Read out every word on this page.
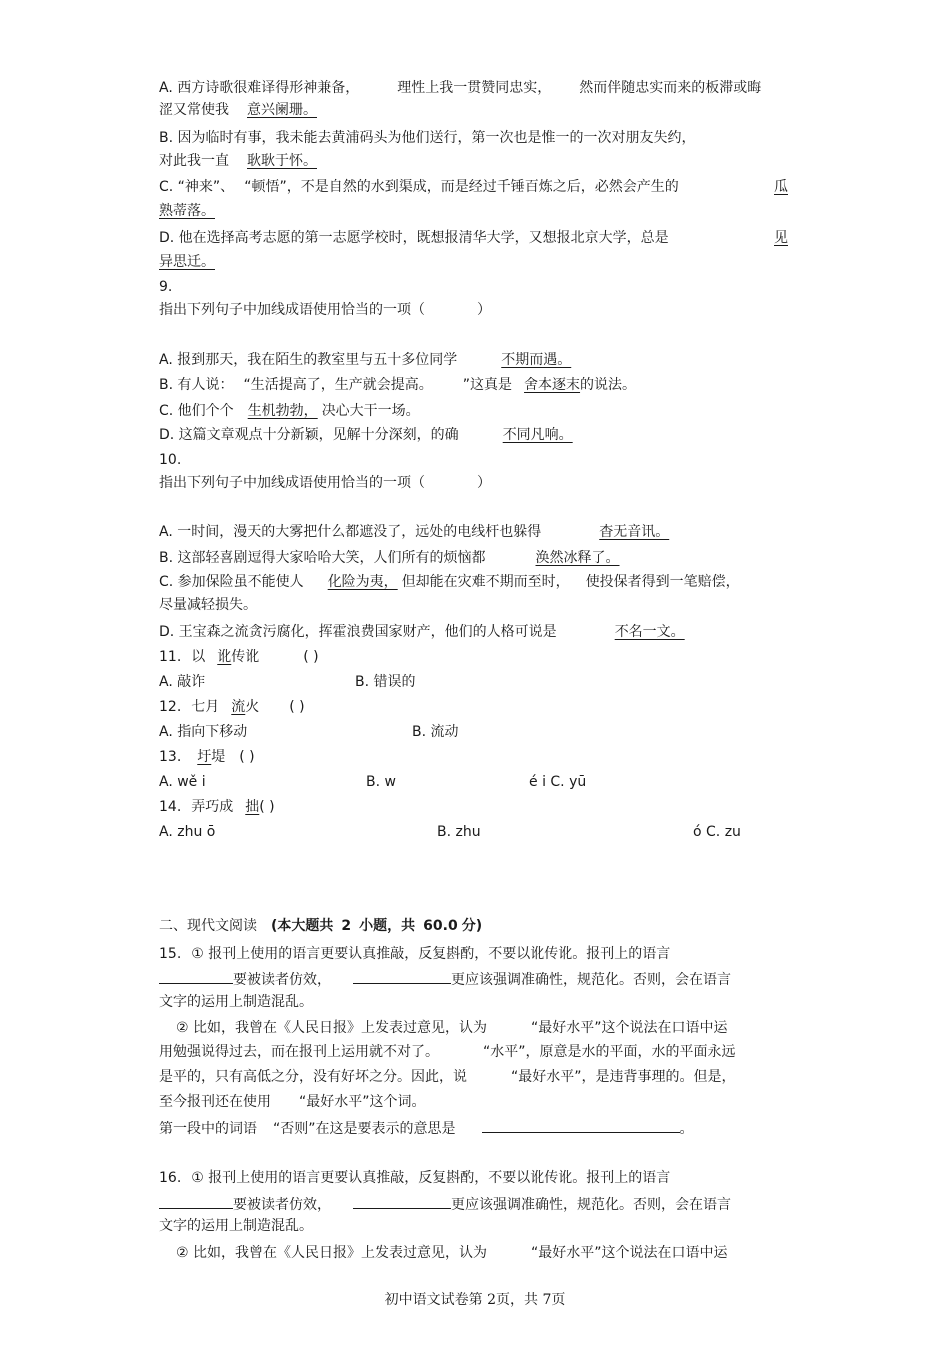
A. 西方诗歌很难译得形神兼备，	理性上我一贯赞同忠实， 然而伴随忠实而来的板滞或晦
涩又常使我 意兴阑珊。
B. 因为临时有事，我未能去黄浦码头为他们送行，第一次也是惟一的一次对朋友失约，
对此我一直 耿耿于怀。
C. “神来”、 “顿悟”，不是自然的水到渠成，而是经过千锤百炼之后，必然会产生的	瓜
熟蒂落。
D. 他在选择高考志愿的第一志愿学校时，既想报清华大学，又想报北京大学，总是	见
异思迁。
9.
指出下列句子中加线成语使用恰当的一项（	）
A. 报到那天，我在陌生的教室里与五十多位同学	不期而遇。
B. 有人说： “生活提高了，生产就会提高。 ”这真是 舍本逐末的说法。
C. 他们个个 生机勃勃， 决心大干一场。
D. 这篇文章观点十分新颖，见解十分深刻，的确	不同凡响。
10.
指出下列句子中加线成语使用恰当的一项（	）
A. 一时间，漫天的大雾把什么都遮没了，远处的电线杆也躲得	杳无音讯。
B. 这部轻喜剧逗得大家哈哈大笑，人们所有的烦恼都	涣然冰释了。
C. 参加保险虽不能使人 化险为夷， 但却能在灾难不期而至时， 使投保者得到一笔赔偿，
尽量减轻损失。
D. 王宝森之流贪污腐化，挥霍浪费国家财产，他们的人格可说是	不名一文。
11. 以 讹传讹	( )
A. 敲诈	B. 错误的
12. 七月 流火 ( )
A. 指向下移动	B. 流动
13. 圩堤 ( )
A. wě i	B. w	é i C. yū
14. 弄巧成 拙( )
A. zhu ō	B. zhu	ó C. zu
二、现代文阅读 (本大题共 2 小题，共 60.0 分)
15. ① 报刊上使用的语言更要认真推敲，反复斟酌，不要以讹传讹。报刊上的语言
要被读者仿效，	更应该强调准确性，规范化。否则，会在语言
文字的运用上制造混乱。
② 比如，我曾在《人民日报》上发表过意见，认为	“最好水平”这个说法在口语中运
用勉强说得过去，而在报刊上运用就不对了。	“水平”，原意是水的平面，水的平面永远
是平的，只有高低之分，没有好坏之分。因此，说	“最好水平”，是违背事理的。但是，
至今报刊还在使用 “最好水平”这个词。
第一段中的词语 “否则”在这是要表示的意思是	。
16. ① 报刊上使用的语言更要认真推敲，反复斟酌，不要以讹传讹。报刊上的语言
要被读者仿效，	更应该强调准确性，规范化。否则，会在语言
文字的运用上制造混乱。
② 比如，我曾在《人民日报》上发表过意见，认为	“最好水平”这个说法在口语中运
初中语文试卷第 2页，共 7页
